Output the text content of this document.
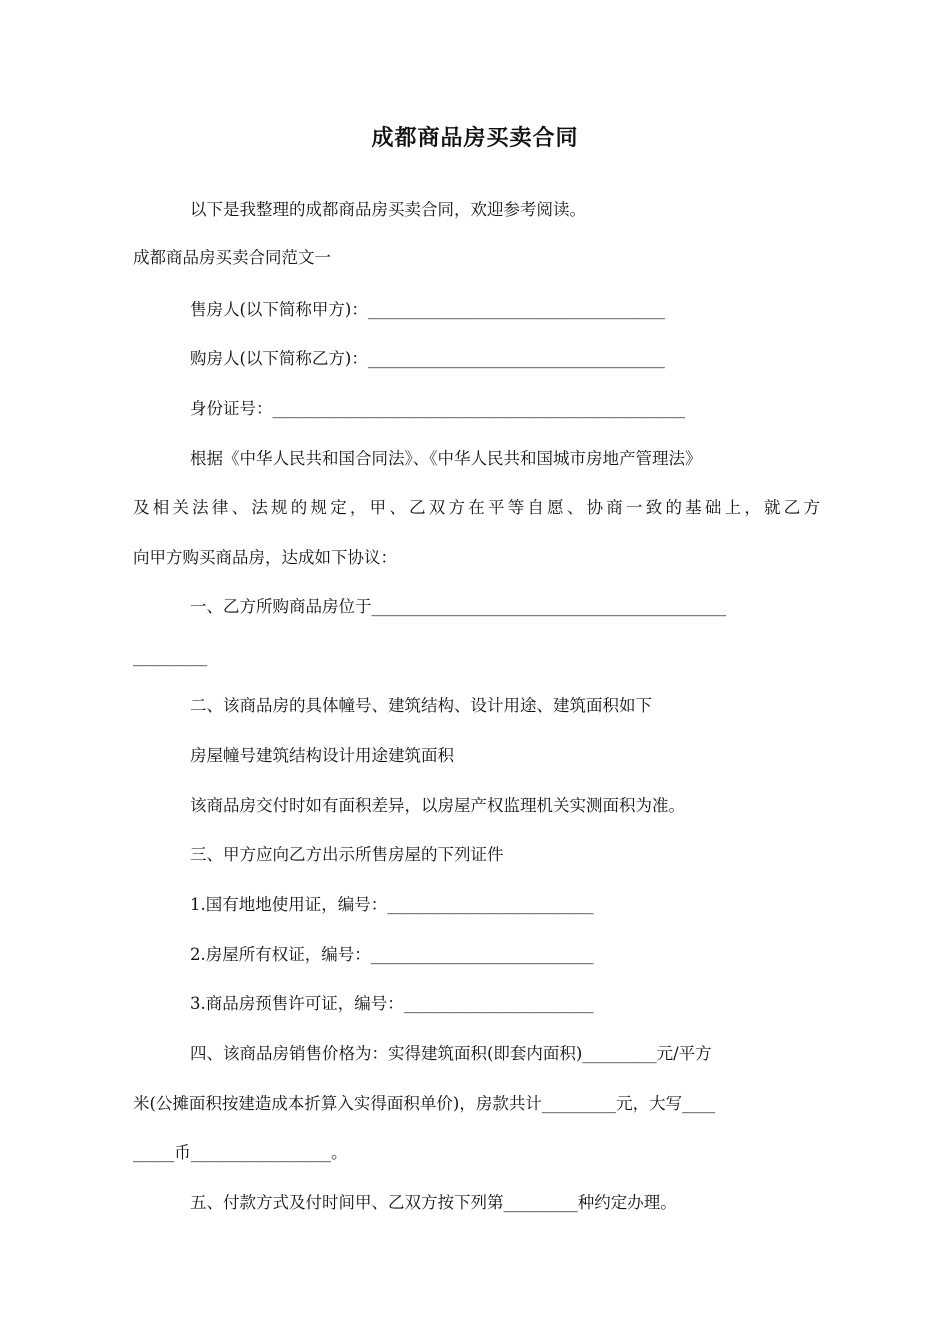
成都商品房买卖合同
以下是我整理的成都商品房买卖合同，欢迎参考阅读。
成都商品房买卖合同范文一
售房人(以下简称甲方)：____________________________________
购房人(以下简称乙方)：____________________________________
身份证号：__________________________________________________
根据《中华人民共和国合同法》、《中华人民共和国城市房地产管理法》
及相关法律、法规的规定，甲、乙双方在平等自愿、协商一致的基础上，就乙方
向甲方购买商品房，达成如下协议：
一、乙方所购商品房位于___________________________________________
_________
二、该商品房的具体幢号、建筑结构、设计用途、建筑面积如下
房屋幢号建筑结构设计用途建筑面积
该商品房交付时如有面积差异，以房屋产权监理机关实测面积为准。
三、甲方应向乙方出示所售房屋的下列证件
1.国有地地使用证，编号：_________________________
2.房屋所有权证，编号：___________________________
3.商品房预售许可证，编号：_______________________
四、该商品房销售价格为：实得建筑面积(即套内面积)_________元/平方
米(公摊面积按建造成本折算入实得面积单价)，房款共计_________元，大写____
_____币_________________。
五、付款方式及付时间甲、乙双方按下列第_________种约定办理。
